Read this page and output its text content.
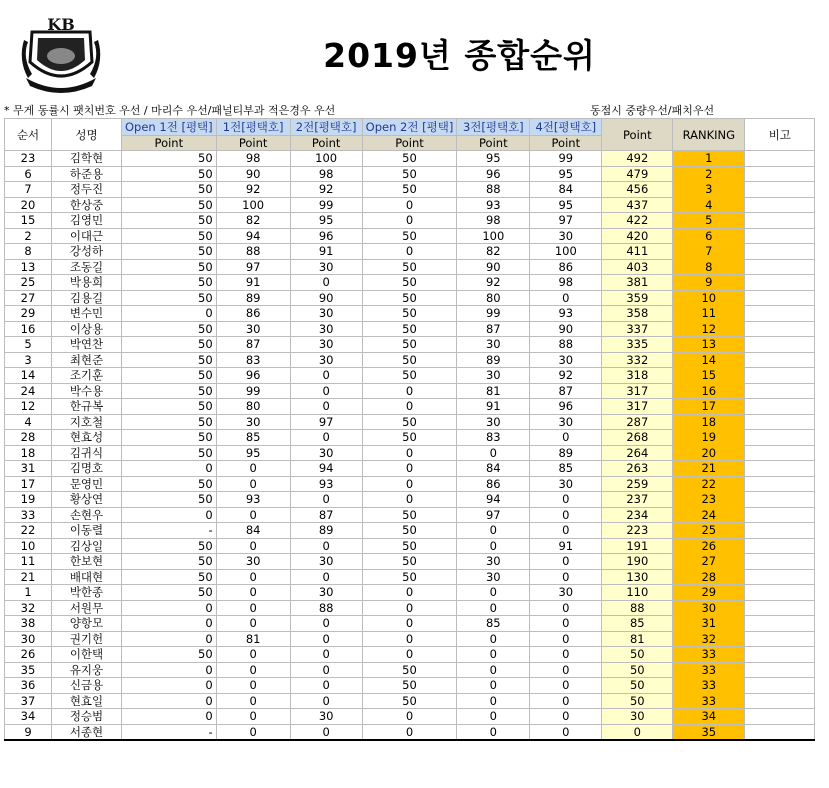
KB
2019년 종합순위
* 무게 동률시 팻치번호 우선 / 마리수 우선/패널티부과 적은경우 우선	동점시 중량우선/패치우선
순서	성명	Open 1전 [평택]	1전[평택호]	2전[평택호]	Open 2전 [평택]	3전[평택호]	4전[평택호]	Point	RANKING	비고
		Point	Point	Point	Point	Point	Point			
23	김학현	50	98	100	50	95	99	492	1	
6	하준용	50	90	98	50	96	95	479	2	
7	정두진	50	92	92	50	88	84	456	3	
20	한상중	50	100	99	0	93	95	437	4	
15	김영민	50	82	95	0	98	97	422	5	
2	이대근	50	94	96	50	100	30	420	6	
8	강성하	50	88	91	0	82	100	411	7	
13	조동길	50	97	30	50	90	86	403	8	
25	박용희	50	91	0	50	92	98	381	9	
27	김용길	50	89	90	50	80	0	359	10	
29	변수민	0	86	30	50	99	93	358	11	
16	이상용	50	30	30	50	87	90	337	12	
5	박연찬	50	87	30	50	30	88	335	13	
3	최현준	50	83	30	50	89	30	332	14	
14	조기훈	50	96	0	50	30	92	318	15	
24	박수용	50	99	0	0	81	87	317	16	
12	한규복	50	80	0	0	91	96	317	17	
4	지호철	50	30	97	50	30	30	287	18	
28	현효성	50	85	0	50	83	0	268	19	
18	김귀식	50	95	30	0	0	89	264	20	
31	김명호	0	0	94	0	84	85	263	21	
17	문영민	50	0	93	0	86	30	259	22	
19	황상연	50	93	0	0	94	0	237	23	
33	손현우	0	0	87	50	97	0	234	24	
22	이동렬	-	84	89	50	0	0	223	25	
10	김상일	50	0	0	50	0	91	191	26	
11	한보현	50	30	30	50	30	0	190	27	
21	배대현	50	0	0	50	30	0	130	28	
1	박한종	50	0	30	0	0	30	110	29	
32	서원무	0	0	88	0	0	0	88	30	
38	양항모	0	0	0	0	85	0	85	31	
30	권기헌	0	81	0	0	0	0	81	32	
26	이한택	50	0	0	0	0	0	50	33	
35	유지웅	0	0	0	50	0	0	50	33	
36	신금용	0	0	0	50	0	0	50	33	
37	현효일	0	0	0	50	0	0	50	33	
34	정승범	0	0	30	0	0	0	30	34	
9	서종현	-	0	0	0	0	0	0	35	
